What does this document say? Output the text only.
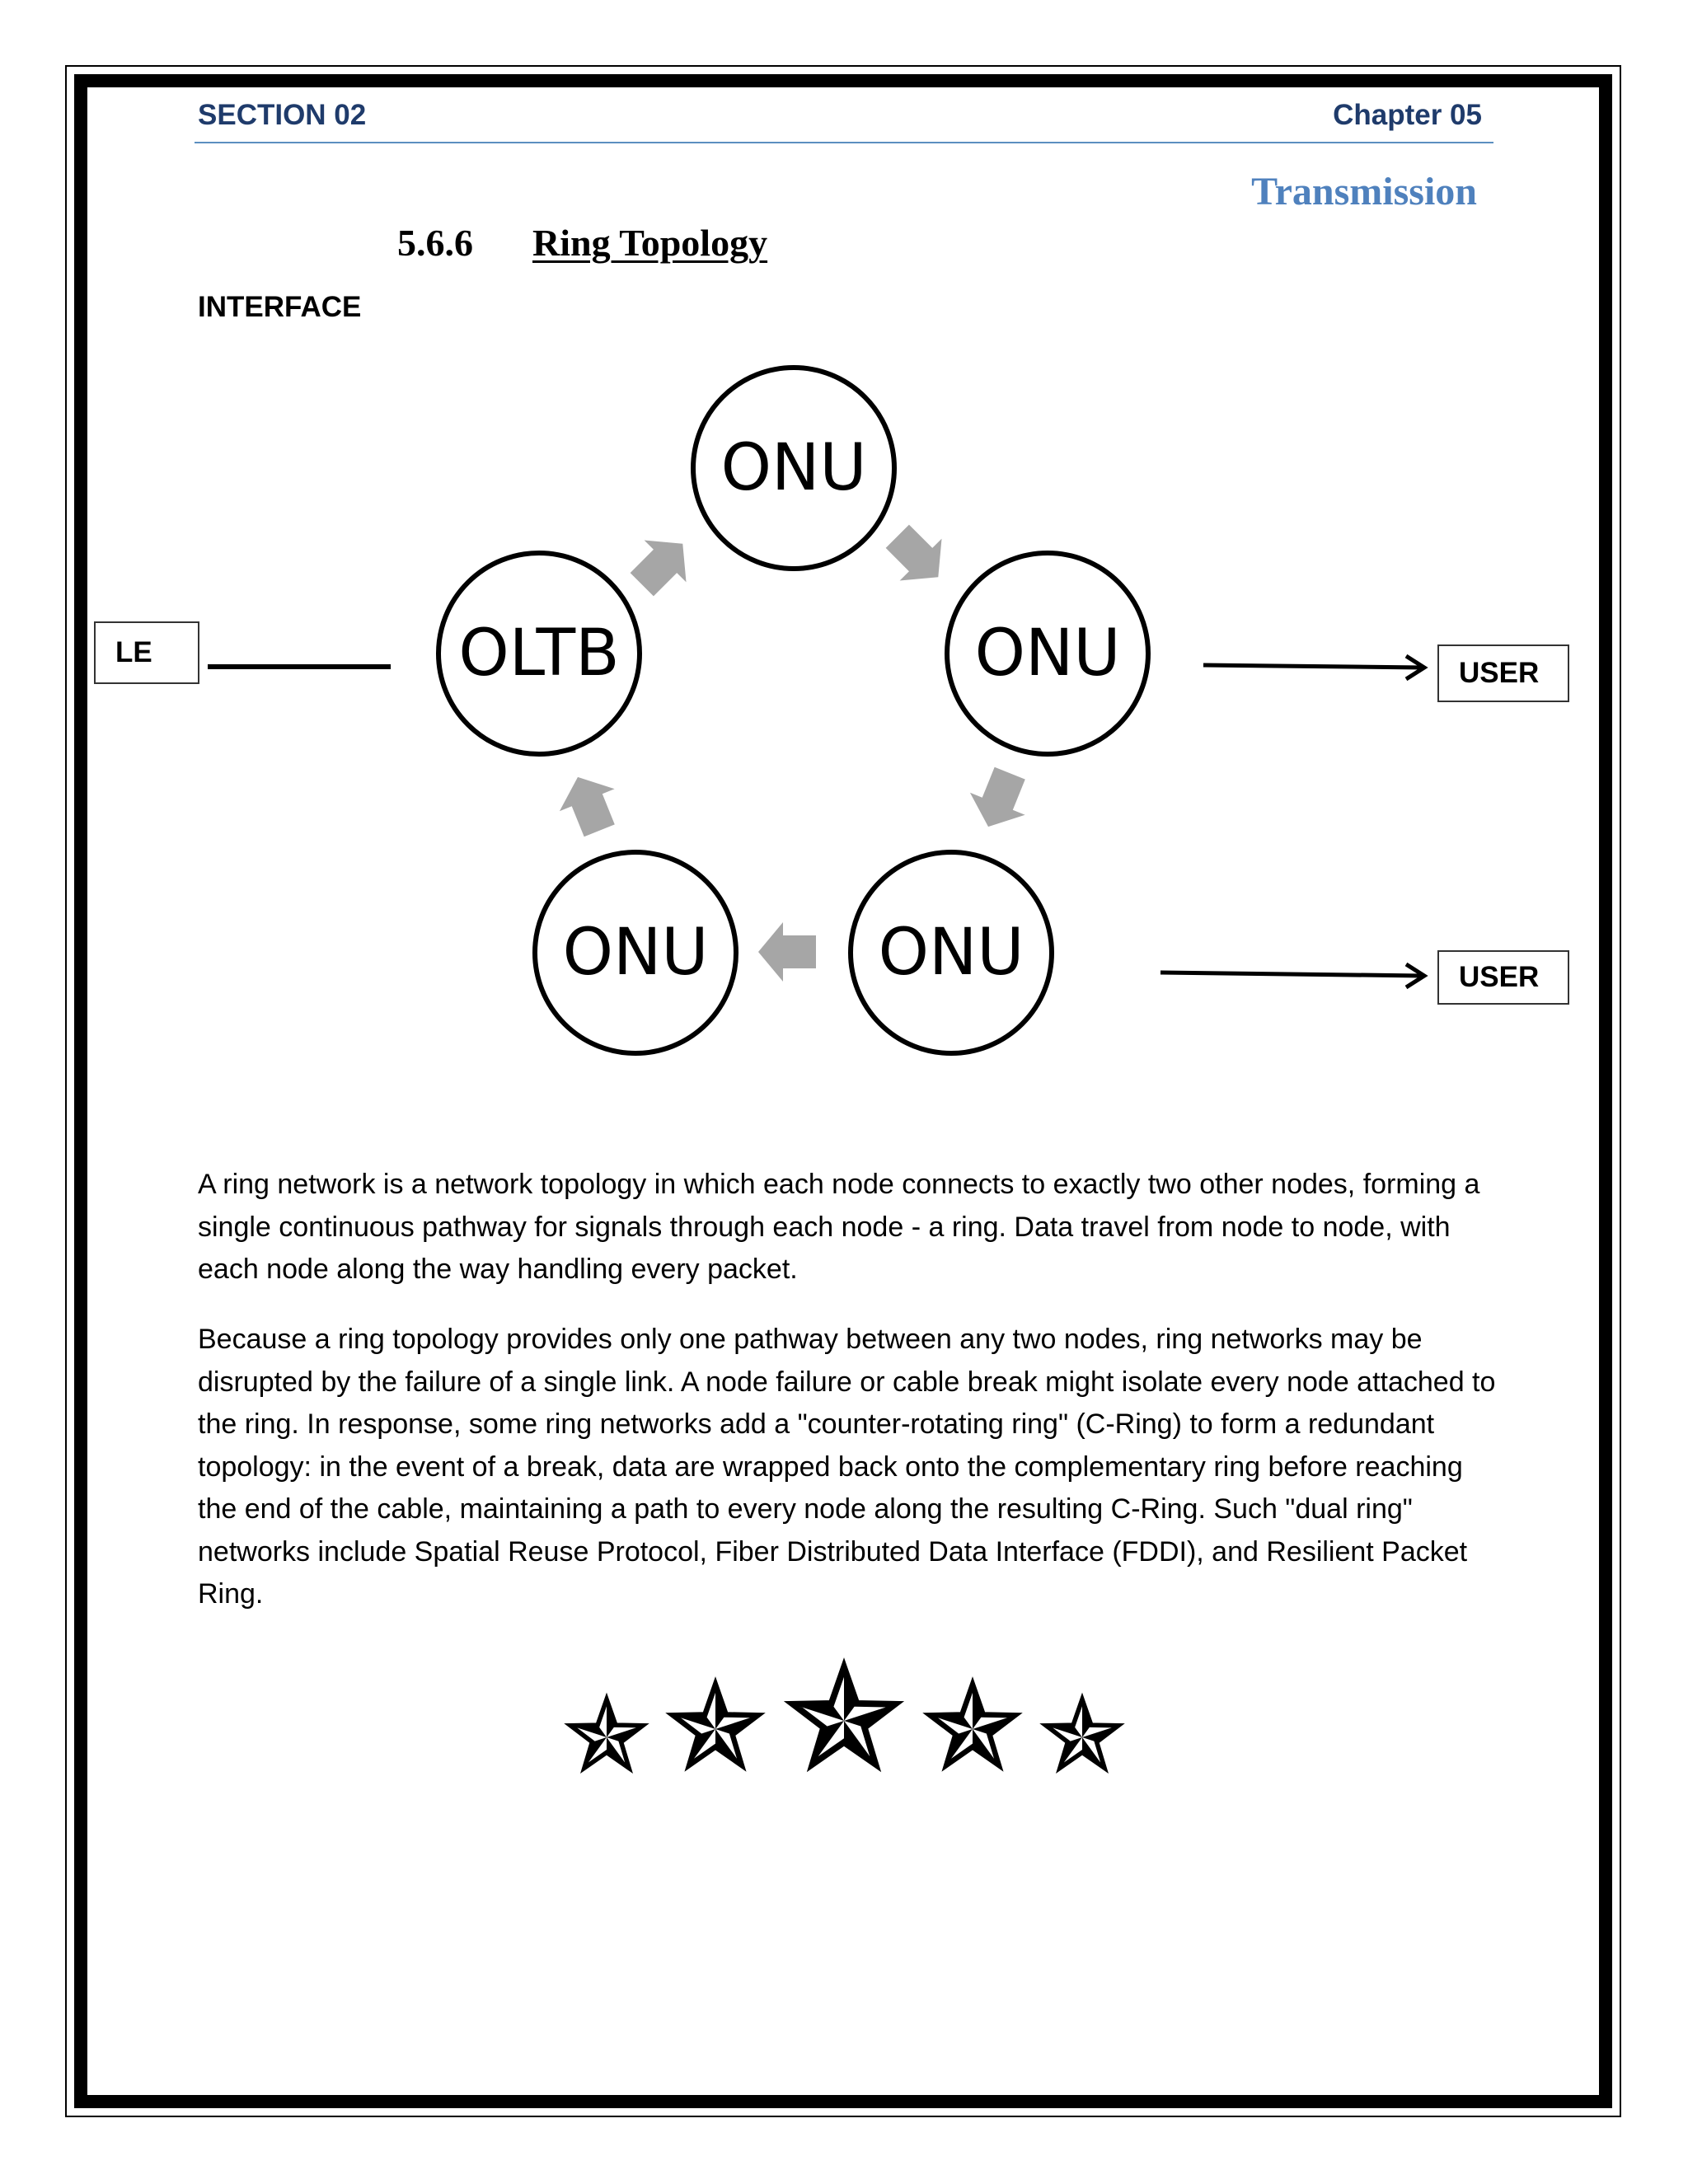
SECTION 02	Chapter 05
Transmission
5.6.6 Ring Topology
INTERFACE
LE
USER
USER
ONU
OLTB	ONU
ONU	ONU
A ring network is a network topology in which each node connects to exactly two other nodes, forming a single continuous pathway for signals through each node - a ring. Data travel from node to node, with each node along the way handling every packet.
Because a ring topology provides only one pathway between any two nodes, ring networks may be disrupted by the failure of a single link. A node failure or cable break might isolate every node attached to the ring. In response, some ring networks add a "counter-rotating ring" (C-Ring) to form a redundant topology: in the event of a break, data are wrapped back onto the complementary ring before reaching the end of the cable, maintaining a path to every node along the resulting C-Ring. Such "dual ring" networks include Spatial Reuse Protocol, Fiber Distributed Data Interface (FDDI), and Resilient Packet Ring.
